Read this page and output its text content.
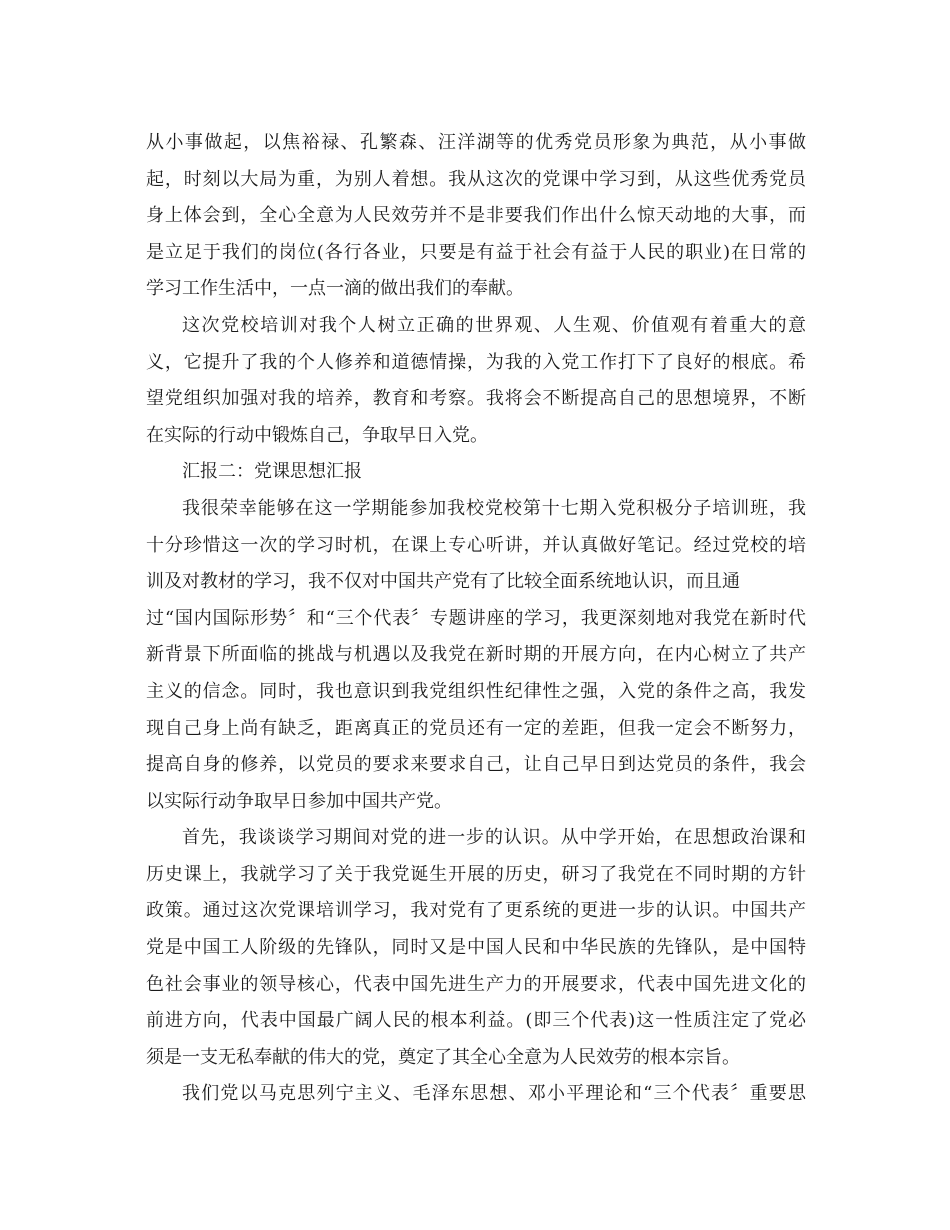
从小事做起，以焦裕禄、孔繁森、汪洋湖等的优秀党员形象为典范，从小事做
起，时刻以大局为重，为别人着想。我从这次的党课中学习到，从这些优秀党员
身上体会到，全心全意为人民效劳并不是非要我们作出什么惊天动地的大事，而
是立足于我们的岗位(各行各业，只要是有益于社会有益于人民的职业)在日常的
学习工作生活中，一点一滴的做出我们的奉献。
这次党校培训对我个人树立正确的世界观、人生观、价值观有着重大的意
义，它提升了我的个人修养和道德情操，为我的入党工作打下了良好的根底。希
望党组织加强对我的培养，教育和考察。我将会不断提高自己的思想境界，不断
在实际的行动中锻炼自己，争取早日入党。
汇报二：党课思想汇报
我很荣幸能够在这一学期能参加我校党校第十七期入党积极分子培训班，我
十分珍惜这一次的学习时机，在课上专心听讲，并认真做好笔记。经过党校的培
训及对教材的学习，我不仅对中国共产党有了比较全面系统地认识，而且通
过“国内国际形势〞和“三个代表〞专题讲座的学习，我更深刻地对我党在新时代
新背景下所面临的挑战与机遇以及我党在新时期的开展方向，在内心树立了共产
主义的信念。同时，我也意识到我党组织性纪律性之强，入党的条件之高，我发
现自己身上尚有缺乏，距离真正的党员还有一定的差距，但我一定会不断努力，
提高自身的修养，以党员的要求来要求自己，让自己早日到达党员的条件，我会
以实际行动争取早日参加中国共产党。
首先，我谈谈学习期间对党的进一步的认识。从中学开始，在思想政治课和
历史课上，我就学习了关于我党诞生开展的历史，研习了我党在不同时期的方针
政策。通过这次党课培训学习，我对党有了更系统的更进一步的认识。中国共产
党是中国工人阶级的先锋队，同时又是中国人民和中华民族的先锋队，是中国特
色社会事业的领导核心，代表中国先进生产力的开展要求，代表中国先进文化的
前进方向，代表中国最广阔人民的根本利益。(即三个代表)这一性质注定了党必
须是一支无私奉献的伟大的党，奠定了其全心全意为人民效劳的根本宗旨。
我们党以马克思列宁主义、毛泽东思想、邓小平理论和“三个代表〞重要思
